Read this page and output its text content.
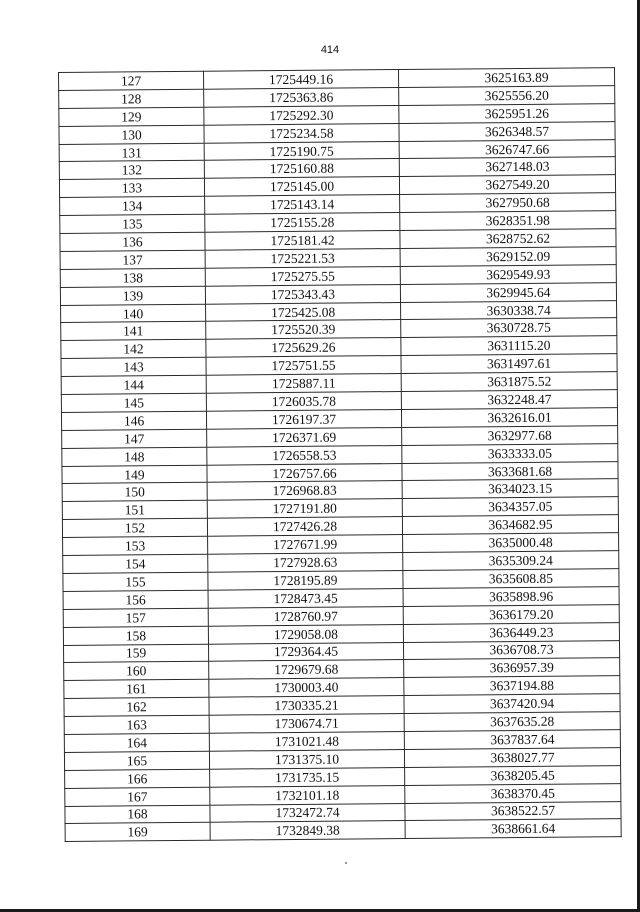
414
127	1725449.16	3625163.89
128	1725363.86	3625556.20
129	1725292.30	3625951.26
130	1725234.58	3626348.57
131	1725190.75	3626747.66
132	1725160.88	3627148.03
133	1725145.00	3627549.20
134	1725143.14	3627950.68
135	1725155.28	3628351.98
136	1725181.42	3628752.62
137	1725221.53	3629152.09
138	1725275.55	3629549.93
139	1725343.43	3629945.64
140	1725425.08	3630338.74
141	1725520.39	3630728.75
142	1725629.26	3631115.20
143	1725751.55	3631497.61
144	1725887.11	3631875.52
145	1726035.78	3632248.47
146	1726197.37	3632616.01
147	1726371.69	3632977.68
148	1726558.53	3633333.05
149	1726757.66	3633681.68
150	1726968.83	3634023.15
151	1727191.80	3634357.05
152	1727426.28	3634682.95
153	1727671.99	3635000.48
154	1727928.63	3635309.24
155	1728195.89	3635608.85
156	1728473.45	3635898.96
157	1728760.97	3636179.20
158	1729058.08	3636449.23
159	1729364.45	3636708.73
160	1729679.68	3636957.39
161	1730003.40	3637194.88
162	1730335.21	3637420.94
163	1730674.71	3637635.28
164	1731021.48	3637837.64
165	1731375.10	3638027.77
166	1731735.15	3638205.45
167	1732101.18	3638370.45
168	1732472.74	3638522.57
169	1732849.38	3638661.64
